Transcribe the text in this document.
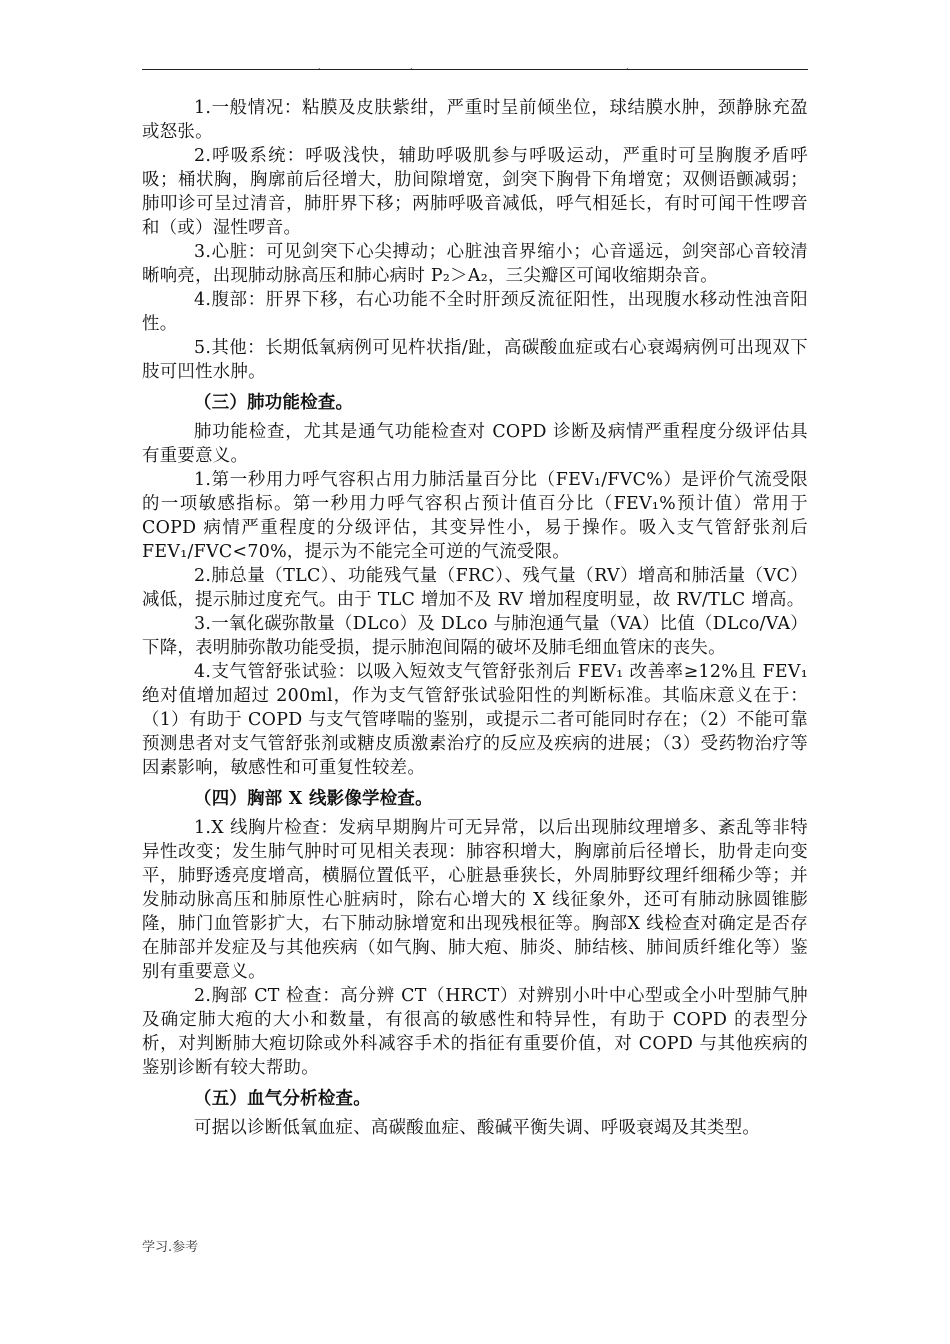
.	.	.

1.一般情况：粘膜及皮肤紫绀，严重时呈前倾坐位，球结膜水肿，颈静脉充盈或怒张。

2.呼吸系统：呼吸浅快，辅助呼吸肌参与呼吸运动，严重时可呈胸腹矛盾呼吸；桶状胸，胸廓前后径增大，肋间隙增宽，剑突下胸骨下角增宽；双侧语颤减弱；肺叩诊可呈过清音，肺肝界下移；两肺呼吸音减低，呼气相延长，有时可闻干性啰音和（或）湿性啰音。

3.心脏：可见剑突下心尖搏动；心脏浊音界缩小；心音遥远，剑突部心音较清晰响亮，出现肺动脉高压和肺心病时 P₂＞A₂，三尖瓣区可闻收缩期杂音。

4.腹部：肝界下移，右心功能不全时肝颈反流征阳性，出现腹水移动性浊音阳性。

5.其他：长期低氧病例可见杵状指/趾，高碳酸血症或右心衰竭病例可出现双下肢可凹性水肿。

（三）肺功能检查。

肺功能检查，尤其是通气功能检查对 COPD 诊断及病情严重程度分级评估具有重要意义。

1.第一秒用力呼气容积占用力肺活量百分比（FEV₁/FVC%）是评价气流受限的一项敏感指标。第一秒用力呼气容积占预计值百分比（FEV₁%预计值）常用于 COPD 病情严重程度的分级评估，其变异性小，易于操作。吸入支气管舒张剂后 FEV₁/FVC<70%，提示为不能完全可逆的气流受限。

2.肺总量（TLC）、功能残气量（FRC）、残气量（RV）增高和肺活量（VC）减低，提示肺过度充气。由于 TLC 增加不及 RV 增加程度明显，故 RV/TLC 增高。

3.一氧化碳弥散量（DLco）及 DLco 与肺泡通气量（VA）比值（DLco/VA）下降，表明肺弥散功能受损，提示肺泡间隔的破坏及肺毛细血管床的丧失。

4.支气管舒张试验：以吸入短效支气管舒张剂后 FEV₁ 改善率≥12%且 FEV₁ 绝对值增加超过 200ml，作为支气管舒张试验阳性的判断标准。其临床意义在于：（1）有助于 COPD 与支气管哮喘的鉴别，或提示二者可能同时存在；（2）不能可靠预测患者对支气管舒张剂或糖皮质激素治疗的反应及疾病的进展；（3）受药物治疗等因素影响，敏感性和可重复性较差。

（四）胸部 X 线影像学检查。

1.X 线胸片检查：发病早期胸片可无异常，以后出现肺纹理增多、紊乱等非特异性改变；发生肺气肿时可见相关表现：肺容积增大，胸廓前后径增长，肋骨走向变平，肺野透亮度增高，横膈位置低平，心脏悬垂狭长，外周肺野纹理纤细稀少等；并发肺动脉高压和肺原性心脏病时，除右心增大的 X 线征象外，还可有肺动脉圆锥膨隆，肺门血管影扩大，右下肺动脉增宽和出现残根征等。胸部X 线检查对确定是否存在肺部并发症及与其他疾病（如气胸、肺大疱、肺炎、肺结核、肺间质纤维化等）鉴别有重要意义。

2.胸部 CT 检查：高分辨 CT（HRCT）对辨别小叶中心型或全小叶型肺气肿及确定肺大疱的大小和数量，有很高的敏感性和特异性，有助于 COPD 的表型分析，对判断肺大疱切除或外科减容手术的指征有重要价值，对 COPD 与其他疾病的鉴别诊断有较大帮助。

（五）血气分析检查。

可据以诊断低氧血症、高碳酸血症、酸碱平衡失调、呼吸衰竭及其类型。

学习.参考
